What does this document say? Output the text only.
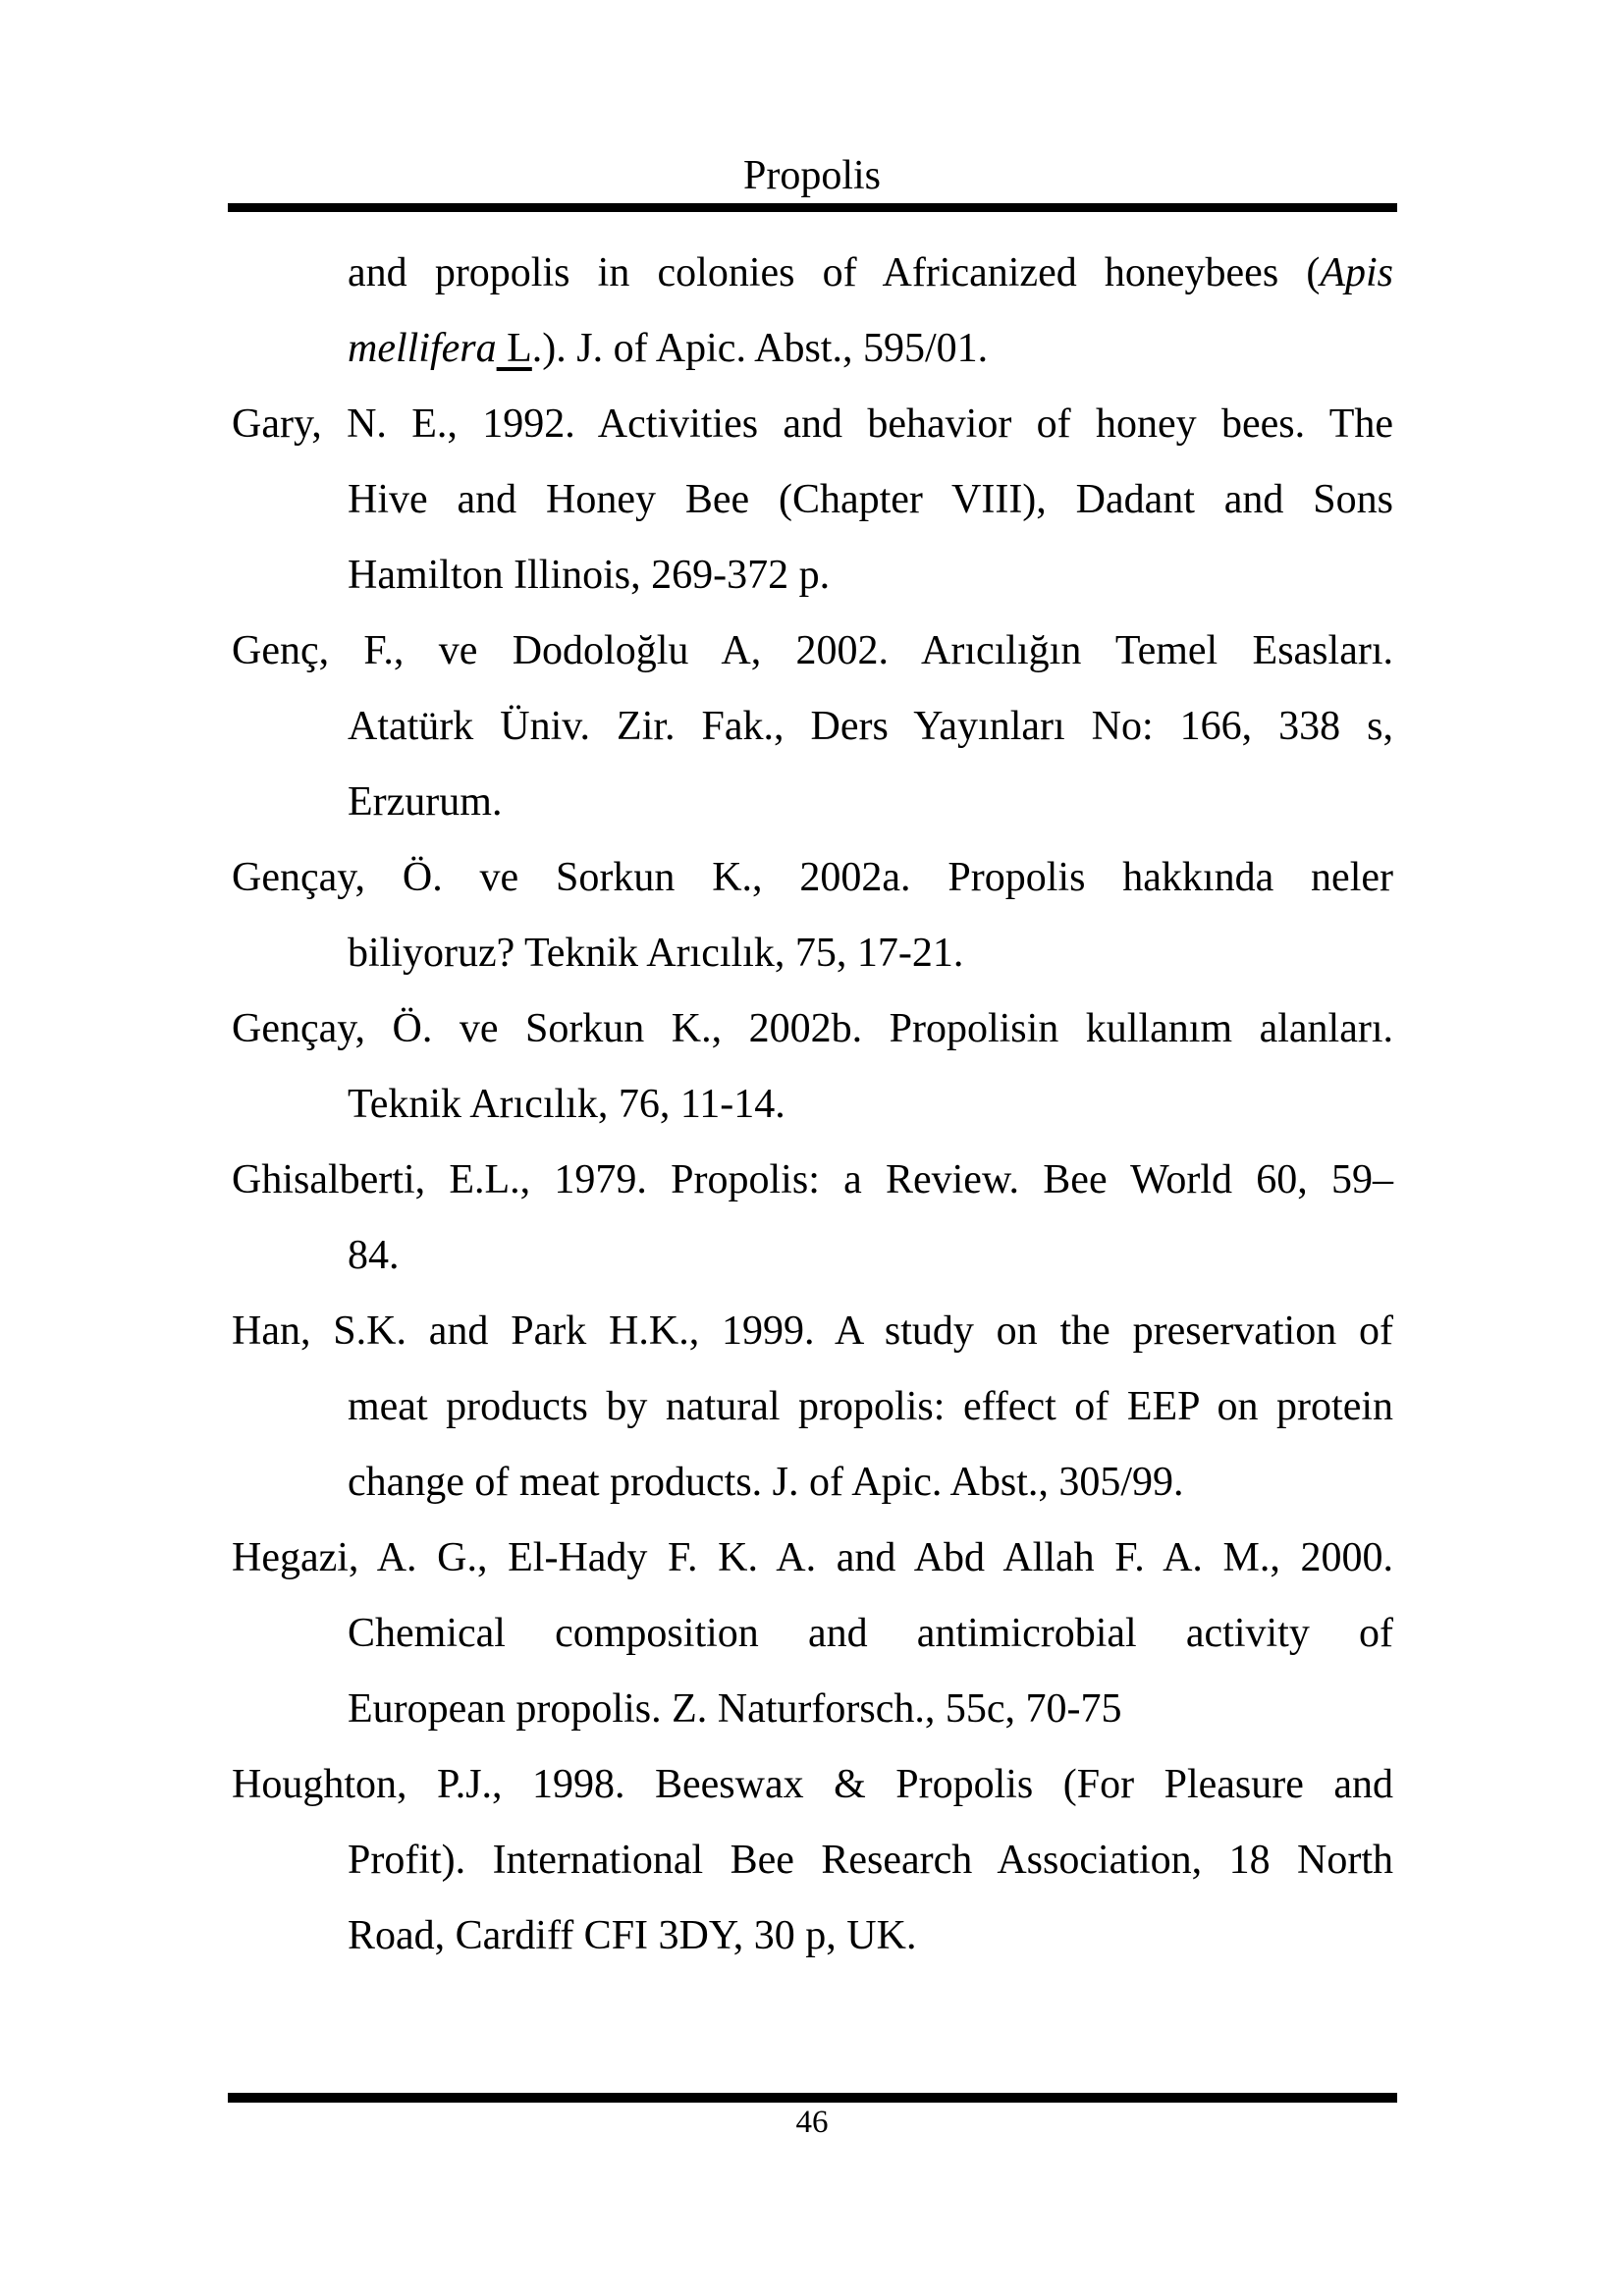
Propolis

and propolis in colonies of Africanized honeybees (Apis
mellifera L.). J. of Apic. Abst., 595/01.

Gary, N. E., 1992. Activities and behavior of honey bees. The
Hive and Honey Bee (Chapter VIII), Dadant and Sons
Hamilton Illinois, 269-372 p.

Genç, F., ve Dodoloğlu A, 2002. Arıcılığın Temel Esasları.
Atatürk Üniv. Zir. Fak., Ders Yayınları No: 166, 338 s,
Erzurum.

Gençay, Ö. ve Sorkun K., 2002a. Propolis hakkında neler
biliyoruz? Teknik Arıcılık, 75, 17-21.

Gençay, Ö. ve Sorkun K., 2002b. Propolisin kullanım alanları.
Teknik Arıcılık, 76, 11-14.

Ghisalberti, E.L., 1979. Propolis: a Review. Bee World 60, 59–
84.

Han, S.K. and Park H.K., 1999. A study on the preservation of
meat products by natural propolis: effect of EEP on protein
change of meat products. J. of Apic. Abst., 305/99.

Hegazi, A. G., El-Hady F. K. A. and Abd Allah F. A. M., 2000.
Chemical composition and antimicrobial activity of
European propolis. Z. Naturforsch., 55c, 70-75

Houghton, P.J., 1998. Beeswax & Propolis (For Pleasure and
Profit). International Bee Research Association, 18 North
Road, Cardiff CFI 3DY, 30 p, UK.

46
